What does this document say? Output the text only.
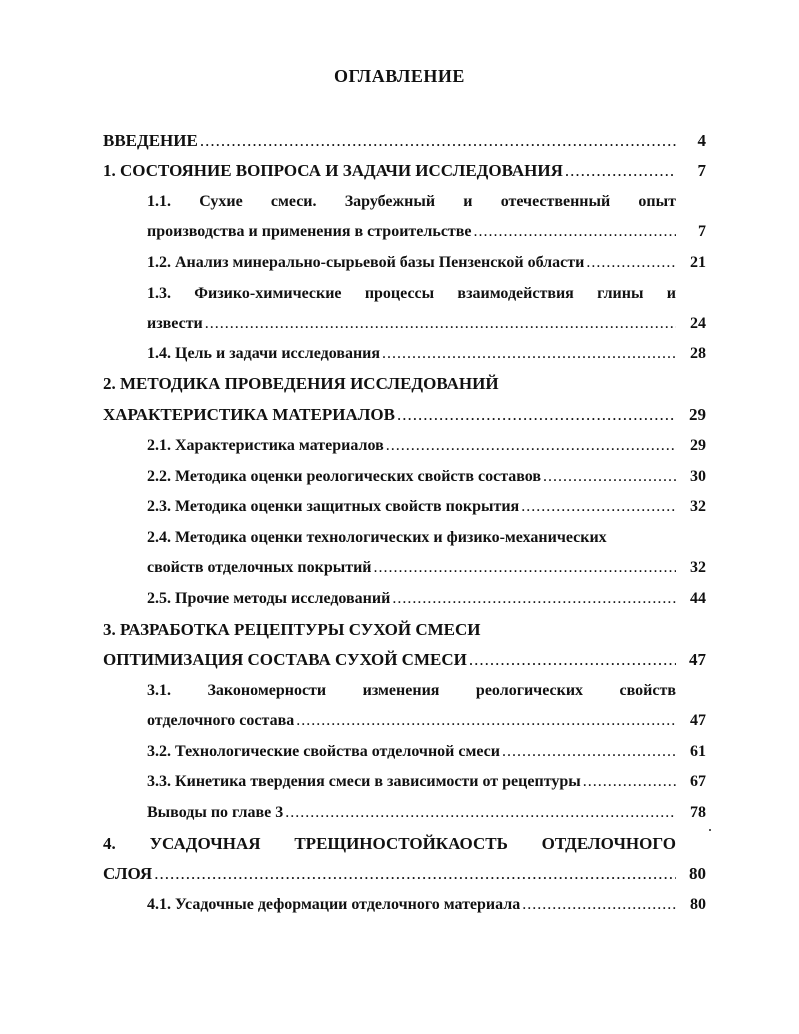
ОГЛАВЛЕНИЕ
ВВЕДЕНИЕ .....	4
1. СОСТОЯНИЕ ВОПРОСА И ЗАДАЧИ ИССЛЕДОВАНИЯ .....	7
1.1. Сухие смеси. Зарубежный и отечественный опыт
производства и применения в строительстве .....	7
1.2. Анализ минерально-сырьевой базы Пензенской области .....	21
1.3. Физико-химические процессы взаимодействия глины и
извести .....	24
1.4. Цель и задачи исследования .....	28
2. МЕТОДИКА ПРОВЕДЕНИЯ ИССЛЕДОВАНИЙ
ХАРАКТЕРИСТИКА МАТЕРИАЛОВ .....	29
2.1. Характеристика материалов .....	29
2.2. Методика оценки реологических свойств составов .....	30
2.3. Методика оценки защитных свойств покрытия .....	32
2.4. Методика оценки технологических и физико-механических
свойств отделочных покрытий .....	32
2.5. Прочие методы исследований .....	44
3. РАЗРАБОТКА РЕЦЕПТУРЫ СУХОЙ СМЕСИ
ОПТИМИЗАЦИЯ СОСТАВА СУХОЙ СМЕСИ .....	47
3.1. Закономерности изменения реологических свойств
отделочного состава .....	47
3.2. Технологические свойства отделочной смеси .....	61
3.3. Кинетика твердения смеси в зависимости от рецептуры .....	67
Выводы по главе 3 .....	78
4. УСАДОЧНАЯ ТРЕЩИНОСТОЙКАОСТЬ ОТДЕЛОЧНОГО
СЛОЯ .....	80
4.1. Усадочные деформации отделочного материала .....	80
